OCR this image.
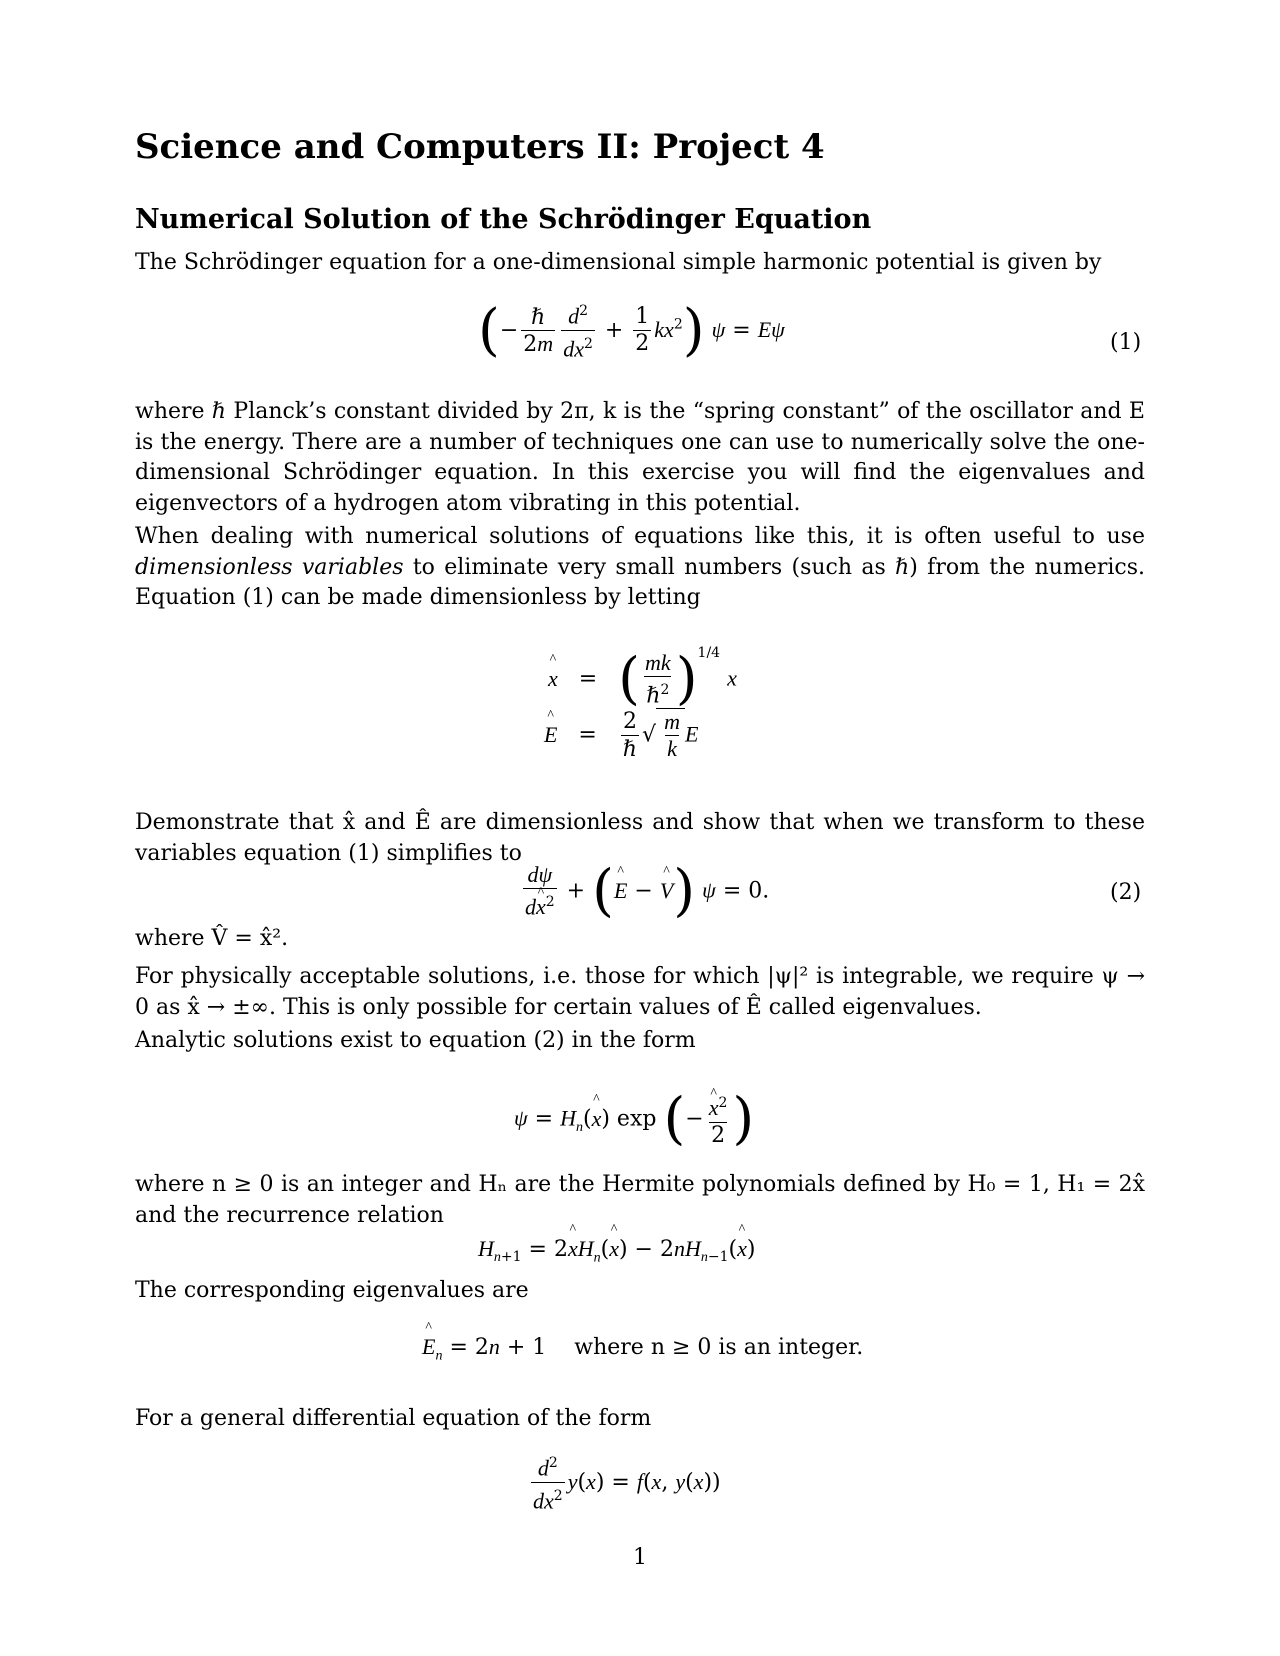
Science and Computers II: Project 4
Numerical Solution of the Schrödinger Equation
The Schrödinger equation for a one-dimensional simple harmonic potential is given by
(− $\frac{\text{ℏ}}{2m} \frac{d^2}{dx^2} + \frac{1}{2} kx^2$) ψ = Eψ
(1)
where ℏ Planck’s constant divided by 2π, k is the “spring constant” of the oscillator and E is the energy. There are a number of techniques one can use to numerically solve the one-dimensional Schrödinger equation. In this exercise you will find the eigenvalues and eigenvectors of a hydrogen atom vibrating in this potential.
When dealing with numerical solutions of equations like this, it is often useful to use dimensionless variables to eliminate very small numbers (such as ℏ) from the numerics. Equation (1) can be made dimensionless by letting
x ^   =   ( $\frac{mk}{\hbar^2} )^{1/4}$ x
E ^   = $\frac{2}{\text{ℏ}}$ √ $\frac{m}{k}$ E
Demonstrate that x̂ and Ê are dimensionless and show that when we transform to these variables equation (1) simplifies to
$\frac{d\psi}{dx \^{}^2} + (E$ ^ − V ^) ψ = 0.	(2)
where V̂ = x̂².
For physically acceptable solutions, i.e. those for which |ψ|² is integrable, we require ψ → 0 as x̂ → ±∞. This is only possible for certain values of Ê called eigenvalues.
Analytic solutions exist to equation (2) in the form
$\psi = H_n(x$ ^) exp (− $\frac{x \^{}^2}{2}$ )
where n ≥ 0 is an integer and Hₙ are the Hermite polynomials defined by H₀ = 1, H₁ = 2x̂ and the recurrence relation
$H_{n+1} = 2x$ $\^{}H_n(x$ ^) − $2nH_{n-1}(x$ ^)
The corresponding eigenvalues are
E $\^{}_n = 2n + 1$    where n ≥ 0 is an integer.
For a general differential equation of the form
$\frac{d^2}{dx^2} y(x) = f(x$, y(x))
1
